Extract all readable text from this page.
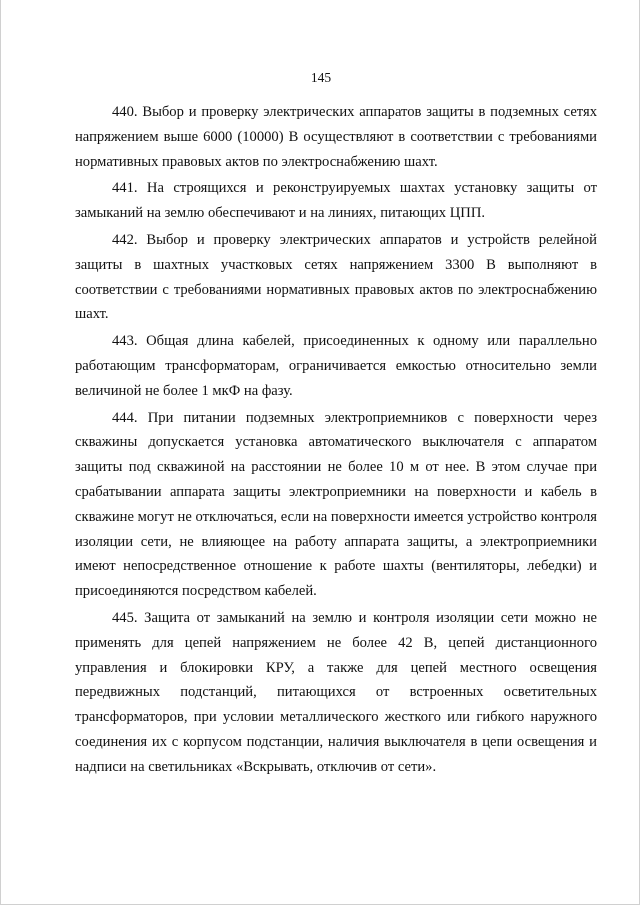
145

440. Выбор и проверку электрических аппаратов защиты в подземных сетях напряжением выше 6000 (10000) В осуществляют в соответствии с требованиями нормативных правовых актов по электроснабжению шахт.

441. На строящихся и реконструируемых шахтах установку защиты от замыканий на землю обеспечивают и на линиях, питающих ЦПП.

442. Выбор и проверку электрических аппаратов и устройств релейной защиты в шахтных участковых сетях напряжением 3300 В выполняют в соответствии с требованиями нормативных правовых актов по электроснабжению шахт.

443. Общая длина кабелей, присоединенных к одному или параллельно работающим трансформаторам, ограничивается емкостью относительно земли величиной не более 1 мкФ на фазу.

444. При питании подземных электроприемников с поверхности через скважины допускается установка автоматического выключателя с аппаратом защиты под скважиной на расстоянии не более 10 м от нее. В этом случае при срабатывании аппарата защиты электроприемники на поверхности и кабель в скважине могут не отключаться, если на поверхности имеется устройство контроля изоляции сети, не влияющее на работу аппарата защиты, а электроприемники имеют непосредственное отношение к работе шахты (вентиляторы, лебедки) и присоединяются посредством кабелей.

445. Защита от замыканий на землю и контроля изоляции сети можно не применять для цепей напряжением не более 42 В, цепей дистанционного управления и блокировки КРУ, а также для цепей местного освещения передвижных подстанций, питающихся от встроенных осветительных трансформаторов, при условии металлического жесткого или гибкого наружного соединения их с корпусом подстанции, наличия выключателя в цепи освещения и надписи на светильниках «Вскрывать, отключив от сети».
